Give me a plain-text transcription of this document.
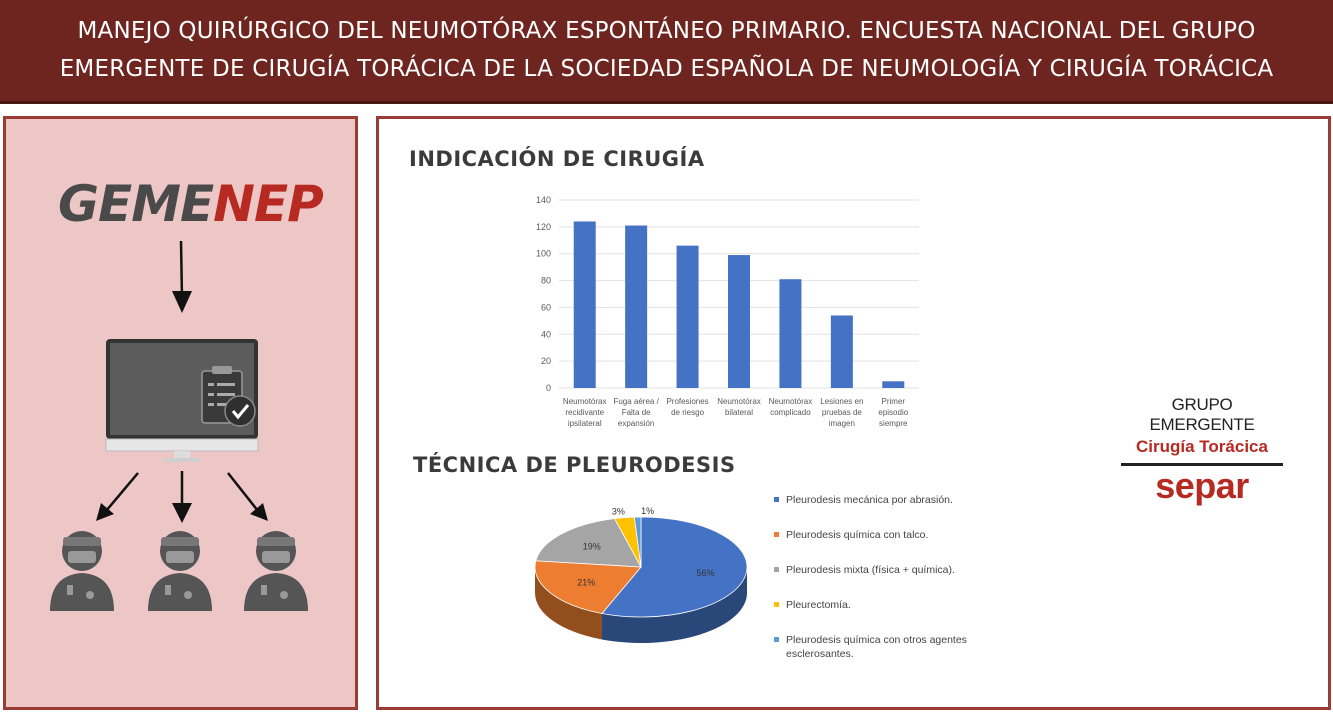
MANEJO QUIRÚRGICO DEL NEUMOTÓRAX ESPONTÁNEO PRIMARIO. ENCUESTA NACIONAL DEL GRUPO
EMERGENTE DE CIRUGÍA TORÁCICA DE LA SOCIEDAD ESPAÑOLA DE NEUMOLOGÍA Y CIRUGÍA TORÁCICA
GEMENEP
INDICACIÓN DE CIRUGÍA
0
20
40
60
80
100
120
140
Neumotórax
recidivante
ipsilateral
Fuga aérea /
Falta de
expansión
Profesiones
de riesgo
Neumotórax
bilateral
Neumotórax
complicado
Lesiones en
pruebas de
imagen
Primer
episodio
siempre
TÉCNICA DE PLEURODESIS
56%
21%
19%
3% 1%
Pleurodesis mecánica por abrasión.
Pleurodesis química con talco.
Pleurodesis mixta (física + química).
Pleurectomía.
Pleurodesis química con otros agentes esclerosantes.
GRUPO EMERGENTE
Cirugía Torácica
separ
